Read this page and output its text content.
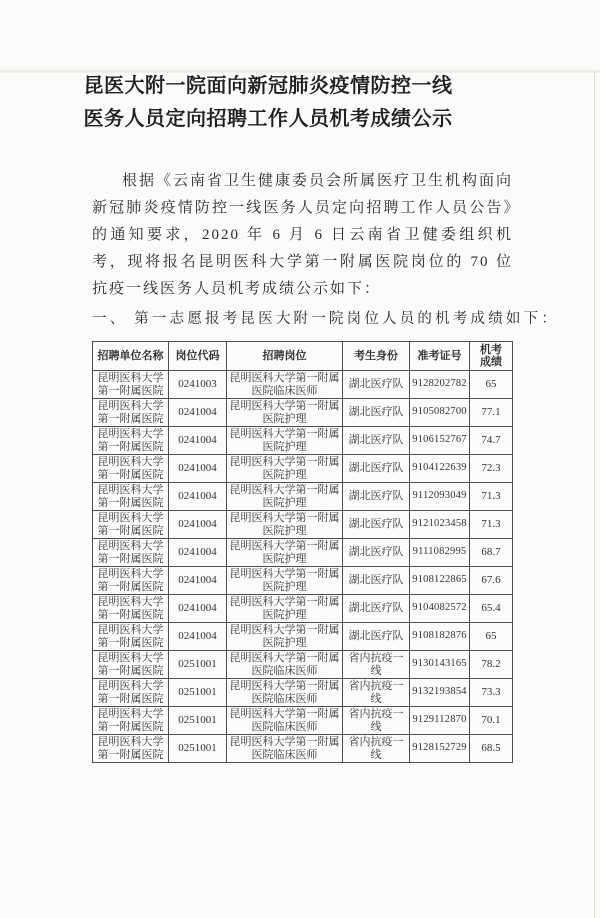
昆医大附一院面向新冠肺炎疫情防控一线
医务人员定向招聘工作人员机考成绩公示

根据《云南省卫生健康委员会所属医疗卫生机构面向新冠肺炎疫情防控一线医务人员定向招聘工作人员公告》的通知要求，2020 年 6 月 6 日云南省卫健委组织机考，现将报名昆明医科大学第一附属医院岗位的 70 位抗疫一线医务人员机考成绩公示如下：

一、 第一志愿报考昆医大附一院岗位人员的机考成绩如下：

招聘单位名称	岗位代码	招聘岗位	考生身份	准考证号	机考成绩
昆明医科大学第一附属医院	0241003	昆明医科大学第一附属医院临床医师	湖北医疗队	9128202782	65
昆明医科大学第一附属医院	0241004	昆明医科大学第一附属医院护理	湖北医疗队	9105082700	77.1
昆明医科大学第一附属医院	0241004	昆明医科大学第一附属医院护理	湖北医疗队	9106152767	74.7
昆明医科大学第一附属医院	0241004	昆明医科大学第一附属医院护理	湖北医疗队	9104122639	72.3
昆明医科大学第一附属医院	0241004	昆明医科大学第一附属医院护理	湖北医疗队	9112093049	71.3
昆明医科大学第一附属医院	0241004	昆明医科大学第一附属医院护理	湖北医疗队	9121023458	71.3
昆明医科大学第一附属医院	0241004	昆明医科大学第一附属医院护理	湖北医疗队	9111082995	68.7
昆明医科大学第一附属医院	0241004	昆明医科大学第一附属医院护理	湖北医疗队	9108122865	67.6
昆明医科大学第一附属医院	0241004	昆明医科大学第一附属医院护理	湖北医疗队	9104082572	65.4
昆明医科大学第一附属医院	0241004	昆明医科大学第一附属医院护理	湖北医疗队	9108182876	65
昆明医科大学第一附属医院	0251001	昆明医科大学第一附属医院临床医师	省内抗疫一线	9130143165	78.2
昆明医科大学第一附属医院	0251001	昆明医科大学第一附属医院临床医师	省内抗疫一线	9132193854	73.3
昆明医科大学第一附属医院	0251001	昆明医科大学第一附属医院临床医师	省内抗疫一线	9129112870	70.1
昆明医科大学第一附属医院	0251001	昆明医科大学第一附属医院临床医师	省内抗疫一线	9128152729	68.5
